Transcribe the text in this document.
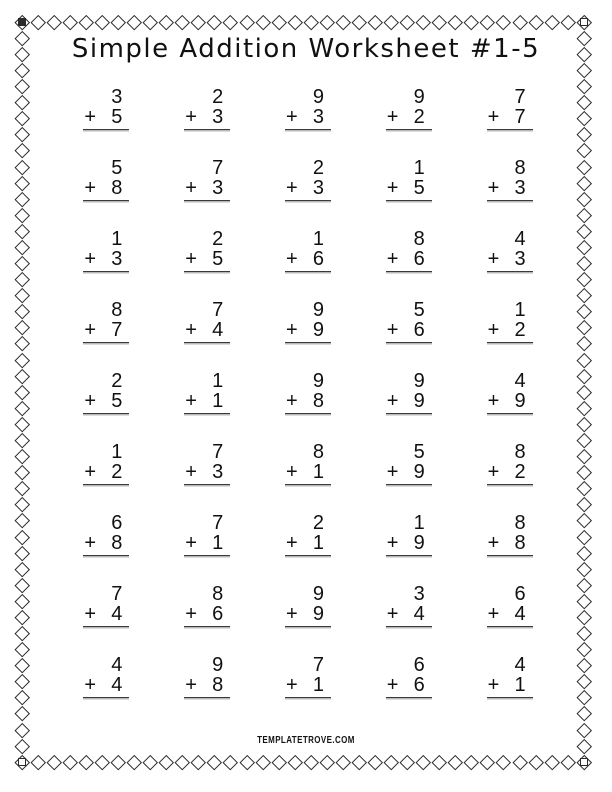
Simple Addition Worksheet #1-5
3
+ 5
2
+ 3
9
+ 3
9
+ 2
7
+ 7
5
+ 8
7
+ 3
2
+ 3
1
+ 5
8
+ 3
1
+ 3
2
+ 5
1
+ 6
8
+ 6
4
+ 3
8
+ 7
7
+ 4
9
+ 9
5
+ 6
1
+ 2
2
+ 5
1
+ 1
9
+ 8
9
+ 9
4
+ 9
1
+ 2
7
+ 3
8
+ 1
5
+ 9
8
+ 2
6
+ 8
7
+ 1
2
+ 1
1
+ 9
8
+ 8
7
+ 4
8
+ 6
9
+ 9
3
+ 4
6
+ 4
4
+ 4
9
+ 8
7
+ 1
6
+ 6
4
+ 1
TEMPLATETROVE.COM
